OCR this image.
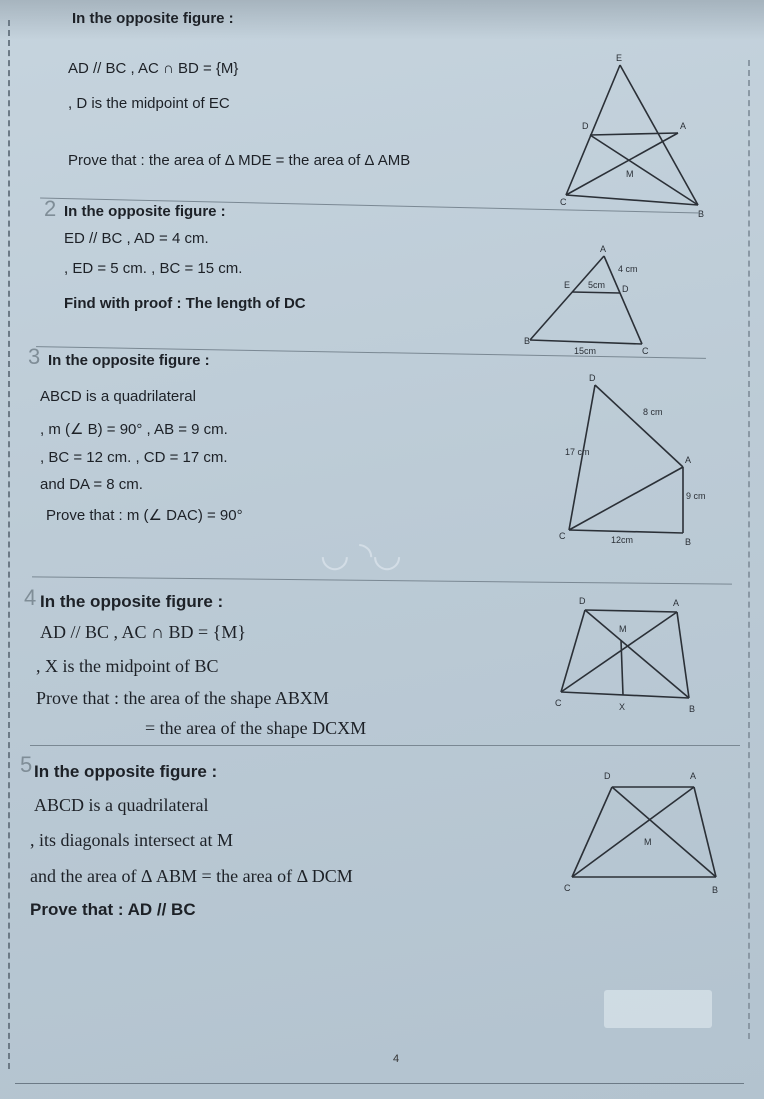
In the opposite figure :
AD // BC , AC ∩ BD = {M}
, D is the midpoint of EC
Prove that : the area of Δ MDE = the area of Δ AMB
E
D	A
M
C
B
2 In the opposite figure :
ED // BC , AD = 4 cm.
, ED = 5 cm. , BC = 15 cm.
Find with proof : The length of DC
A
4 cm
E 5cm D
B
15cm	C
3 In the opposite figure :
ABCD is a quadrilateral
, m (∠ B) = 90° , AB = 9 cm.
, BC = 12 cm. , CD = 17 cm.
and DA = 8 cm.
Prove that : m (∠ DAC) = 90°
D
8 cm
17 cm
A
9 cm
C	12cm	B
◡ ◝◡
4 In the opposite figure :
AD // BC , AC ∩ BD = {M}
, X is the midpoint of BC
Prove that : the area of the shape ABXM
= the area of the shape DCXM
D	A
M
C	X	B
5 In the opposite figure :
ABCD is a quadrilateral
, its diagonals intersect at M
and the area of Δ ABM = the area of Δ DCM
Prove that : AD // BC
D	A
M
C	B
4
